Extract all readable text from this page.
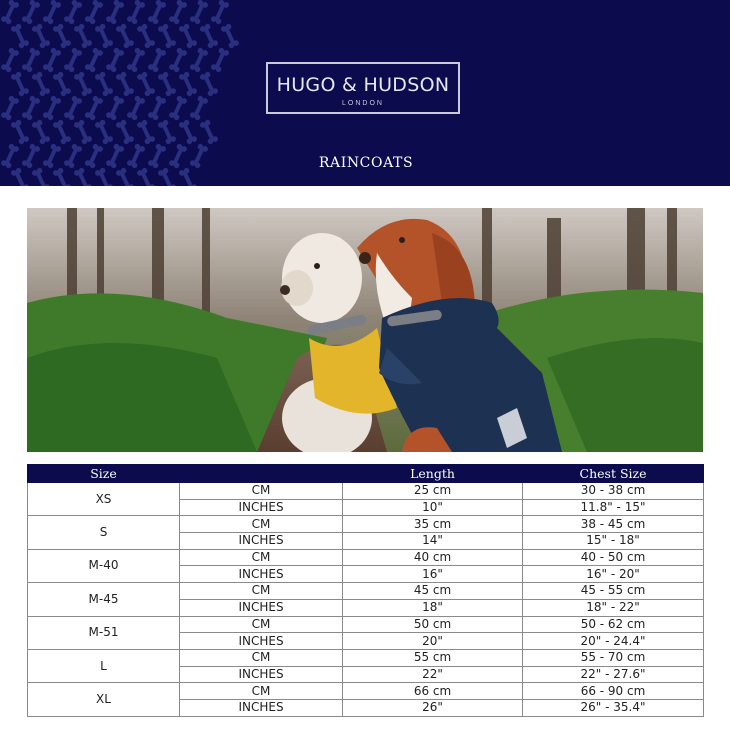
HUGO & HUDSON
LONDON
RAINCOATS
Size		Length	Chest Size
XS	CM	25 cm	30 - 38 cm
	INCHES	10"	11.8" - 15"
S	CM	35 cm	38 - 45 cm
	INCHES	14"	15" - 18"
M-40	CM	40 cm	40 - 50 cm
	INCHES	16"	16" - 20"
M-45	CM	45 cm	45 - 55 cm
	INCHES	18"	18" - 22"
M-51	CM	50 cm	50 - 62 cm
	INCHES	20"	20" - 24.4"
L	CM	55 cm	55 - 70 cm
	INCHES	22"	22" - 27.6"
XL	CM	66 cm	66 - 90 cm
	INCHES	26"	26" - 35.4"
